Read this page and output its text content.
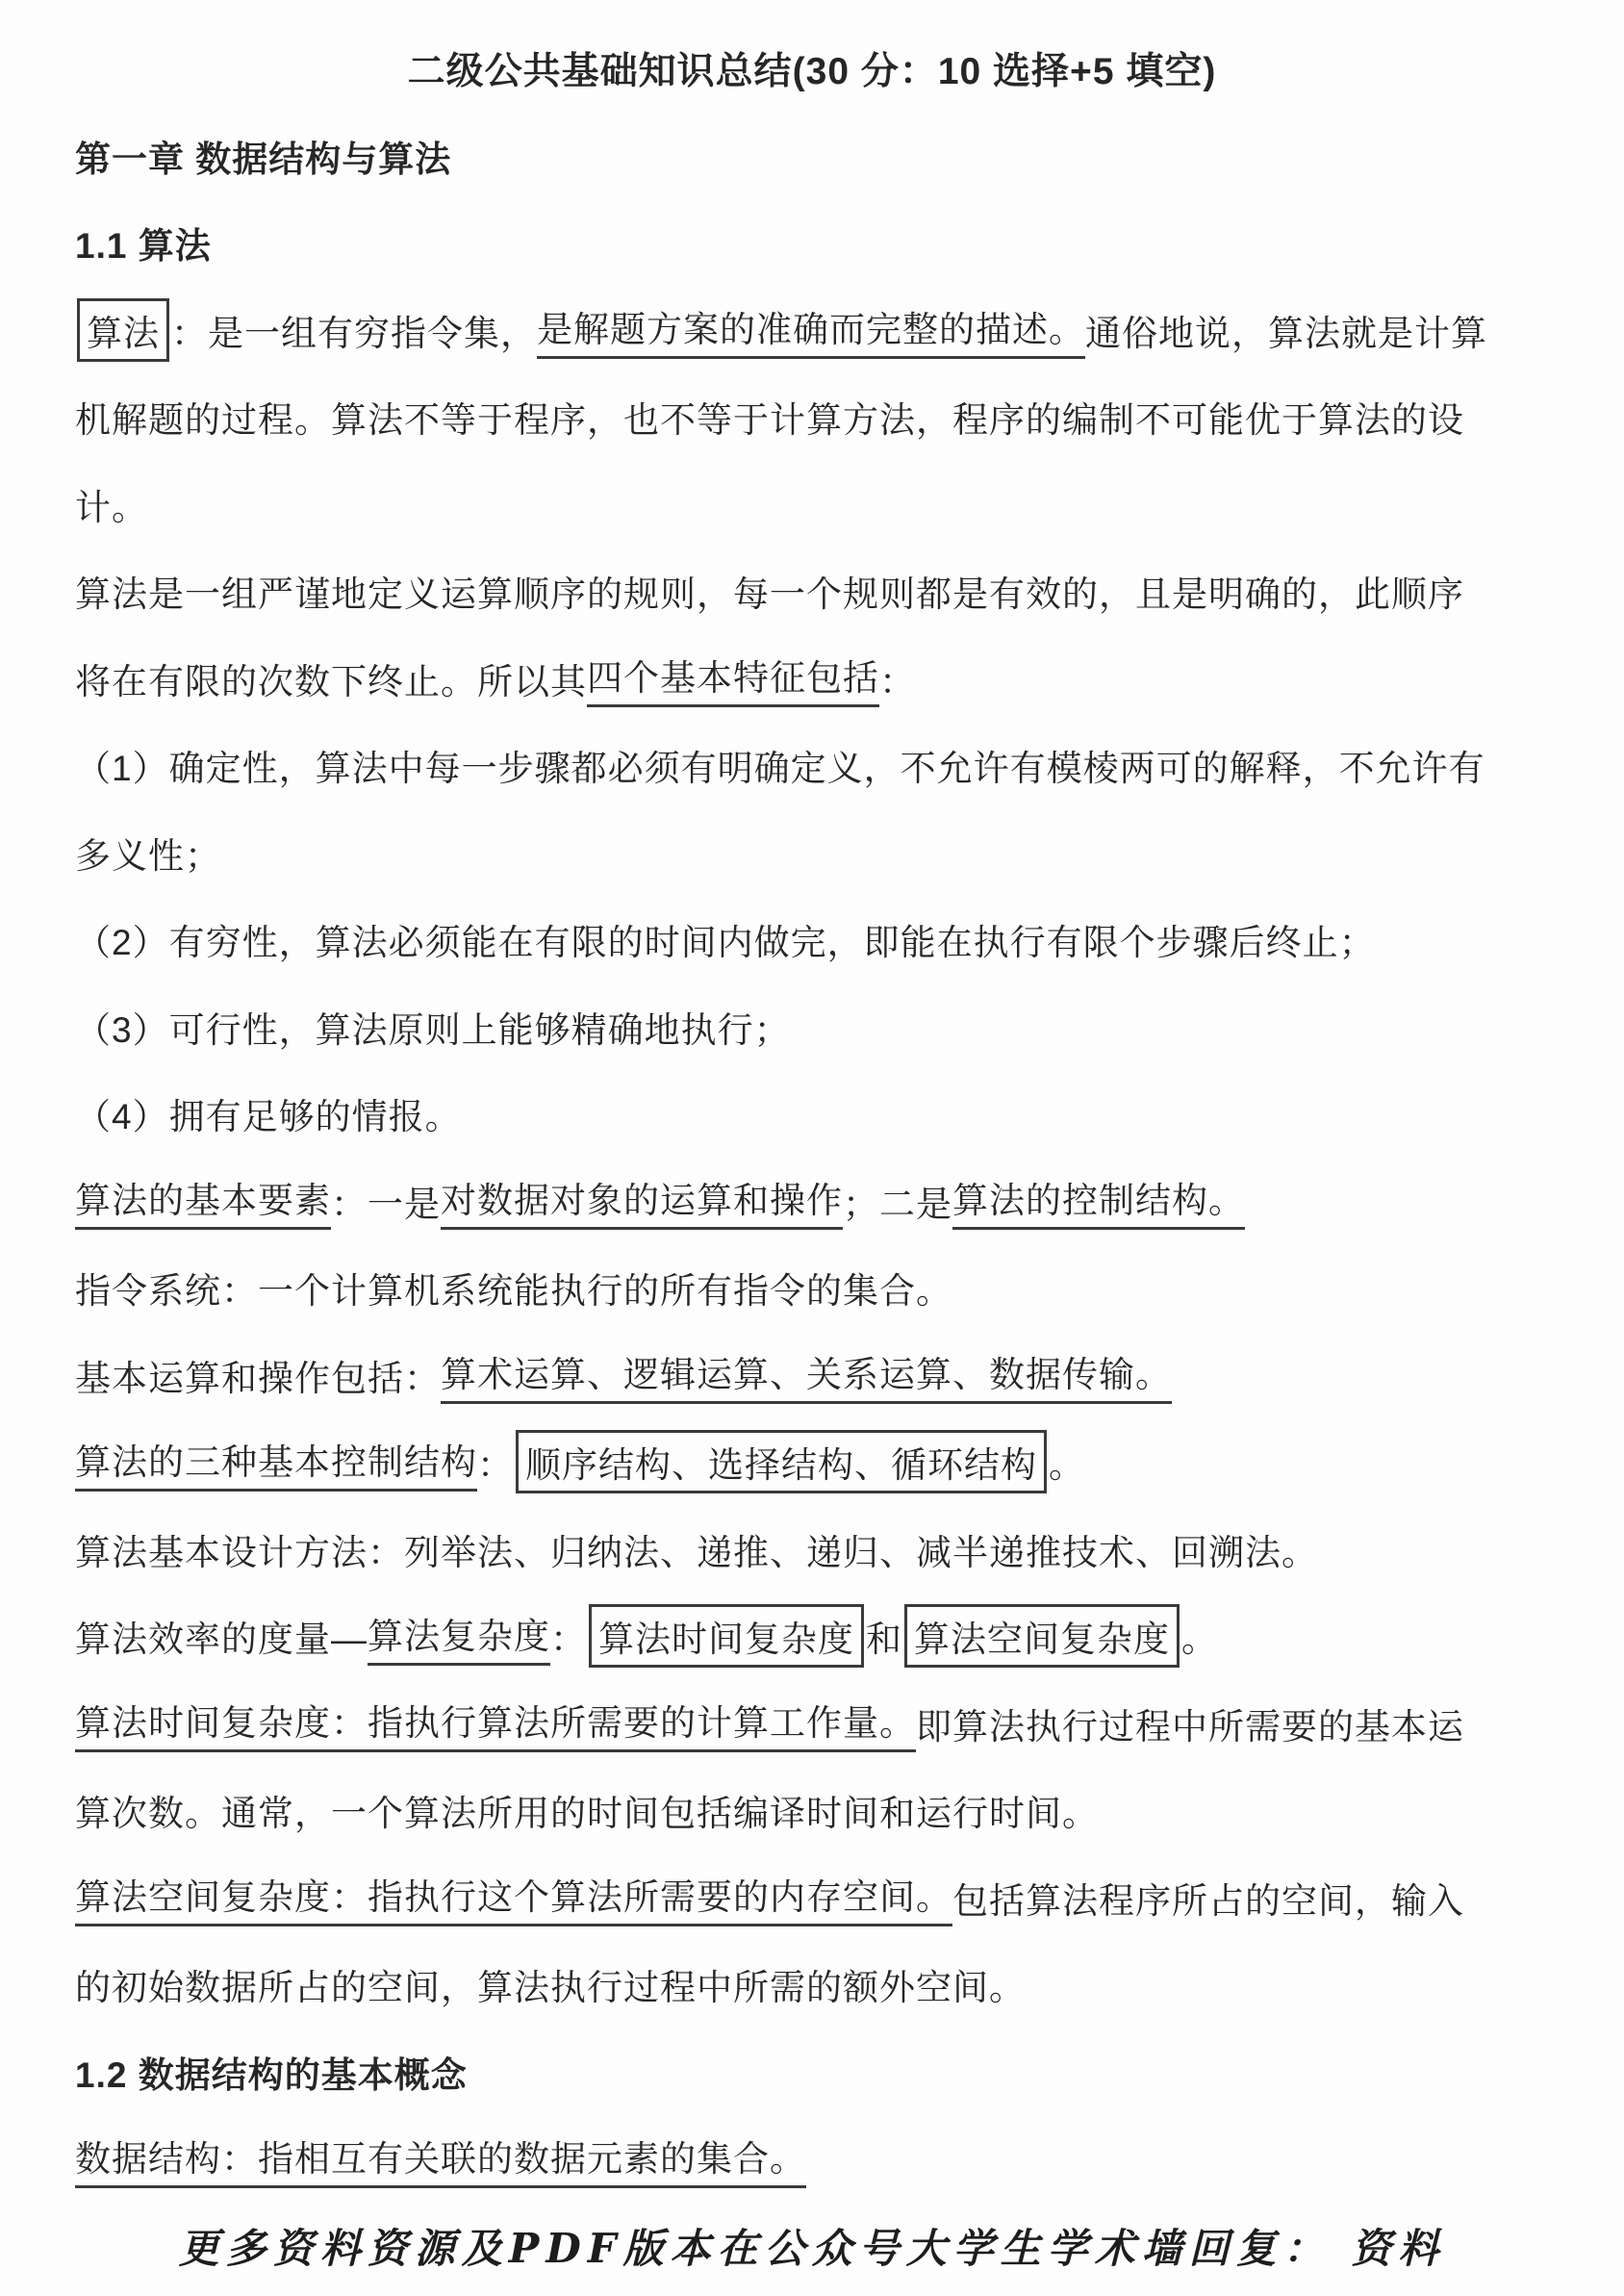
二级公共基础知识总结(30 分：10 选择+5 填空)
第一章 数据结构与算法
1.1 算法
算法 ：是一组有穷指令集， 是解题方案的准确而完整的描述。 通俗地说，算法就是计算
机解题的过程。算法不等于程序，也不等于计算方法，程序的编制不可能优于算法的设
计。
算法是一组严谨地定义运算顺序的规则，每一个规则都是有效的，且是明确的，此顺序
将在有限的次数下终止。所以其 四个基本特征包括 ：
（1）确定性，算法中每一步骤都必须有明确定义，不允许有模棱两可的解释，不允许有
多义性；
（2）有穷性，算法必须能在有限的时间内做完，即能在执行有限个步骤后终止；
（3）可行性，算法原则上能够精确地执行；
（4）拥有足够的情报。
算法的基本要素 ：一是 对数据对象的运算和操作 ；二是 算法的控制结构。
指令系统：一个计算机系统能执行的所有指令的集合。
基本运算和操作包括： 算术运算、逻辑运算、关系运算、数据传输。
算法的三种基本控制结构 ： 顺序结构、选择结构、循环结构 。
算法基本设计方法：列举法、归纳法、递推、递归、减半递推技术、回溯法。
算法效率的度量— 算法复杂度 ： 算法时间复杂度 和 算法空间复杂度 。
算法时间复杂度：指执行算法所需要的计算工作量。 即算法执行过程中所需要的基本运
算次数。通常，一个算法所用的时间包括编译时间和运行时间。
算法空间复杂度：指执行这个算法所需要的内存空间。 包括算法程序所占的空间，输入
的初始数据所占的空间，算法执行过程中所需的额外空间。
1.2 数据结构的基本概念
数据结构：指相互有关联的数据元素的集合。
更多资料资源及PDF版本在公众号大学生学术墙回复： 资料
